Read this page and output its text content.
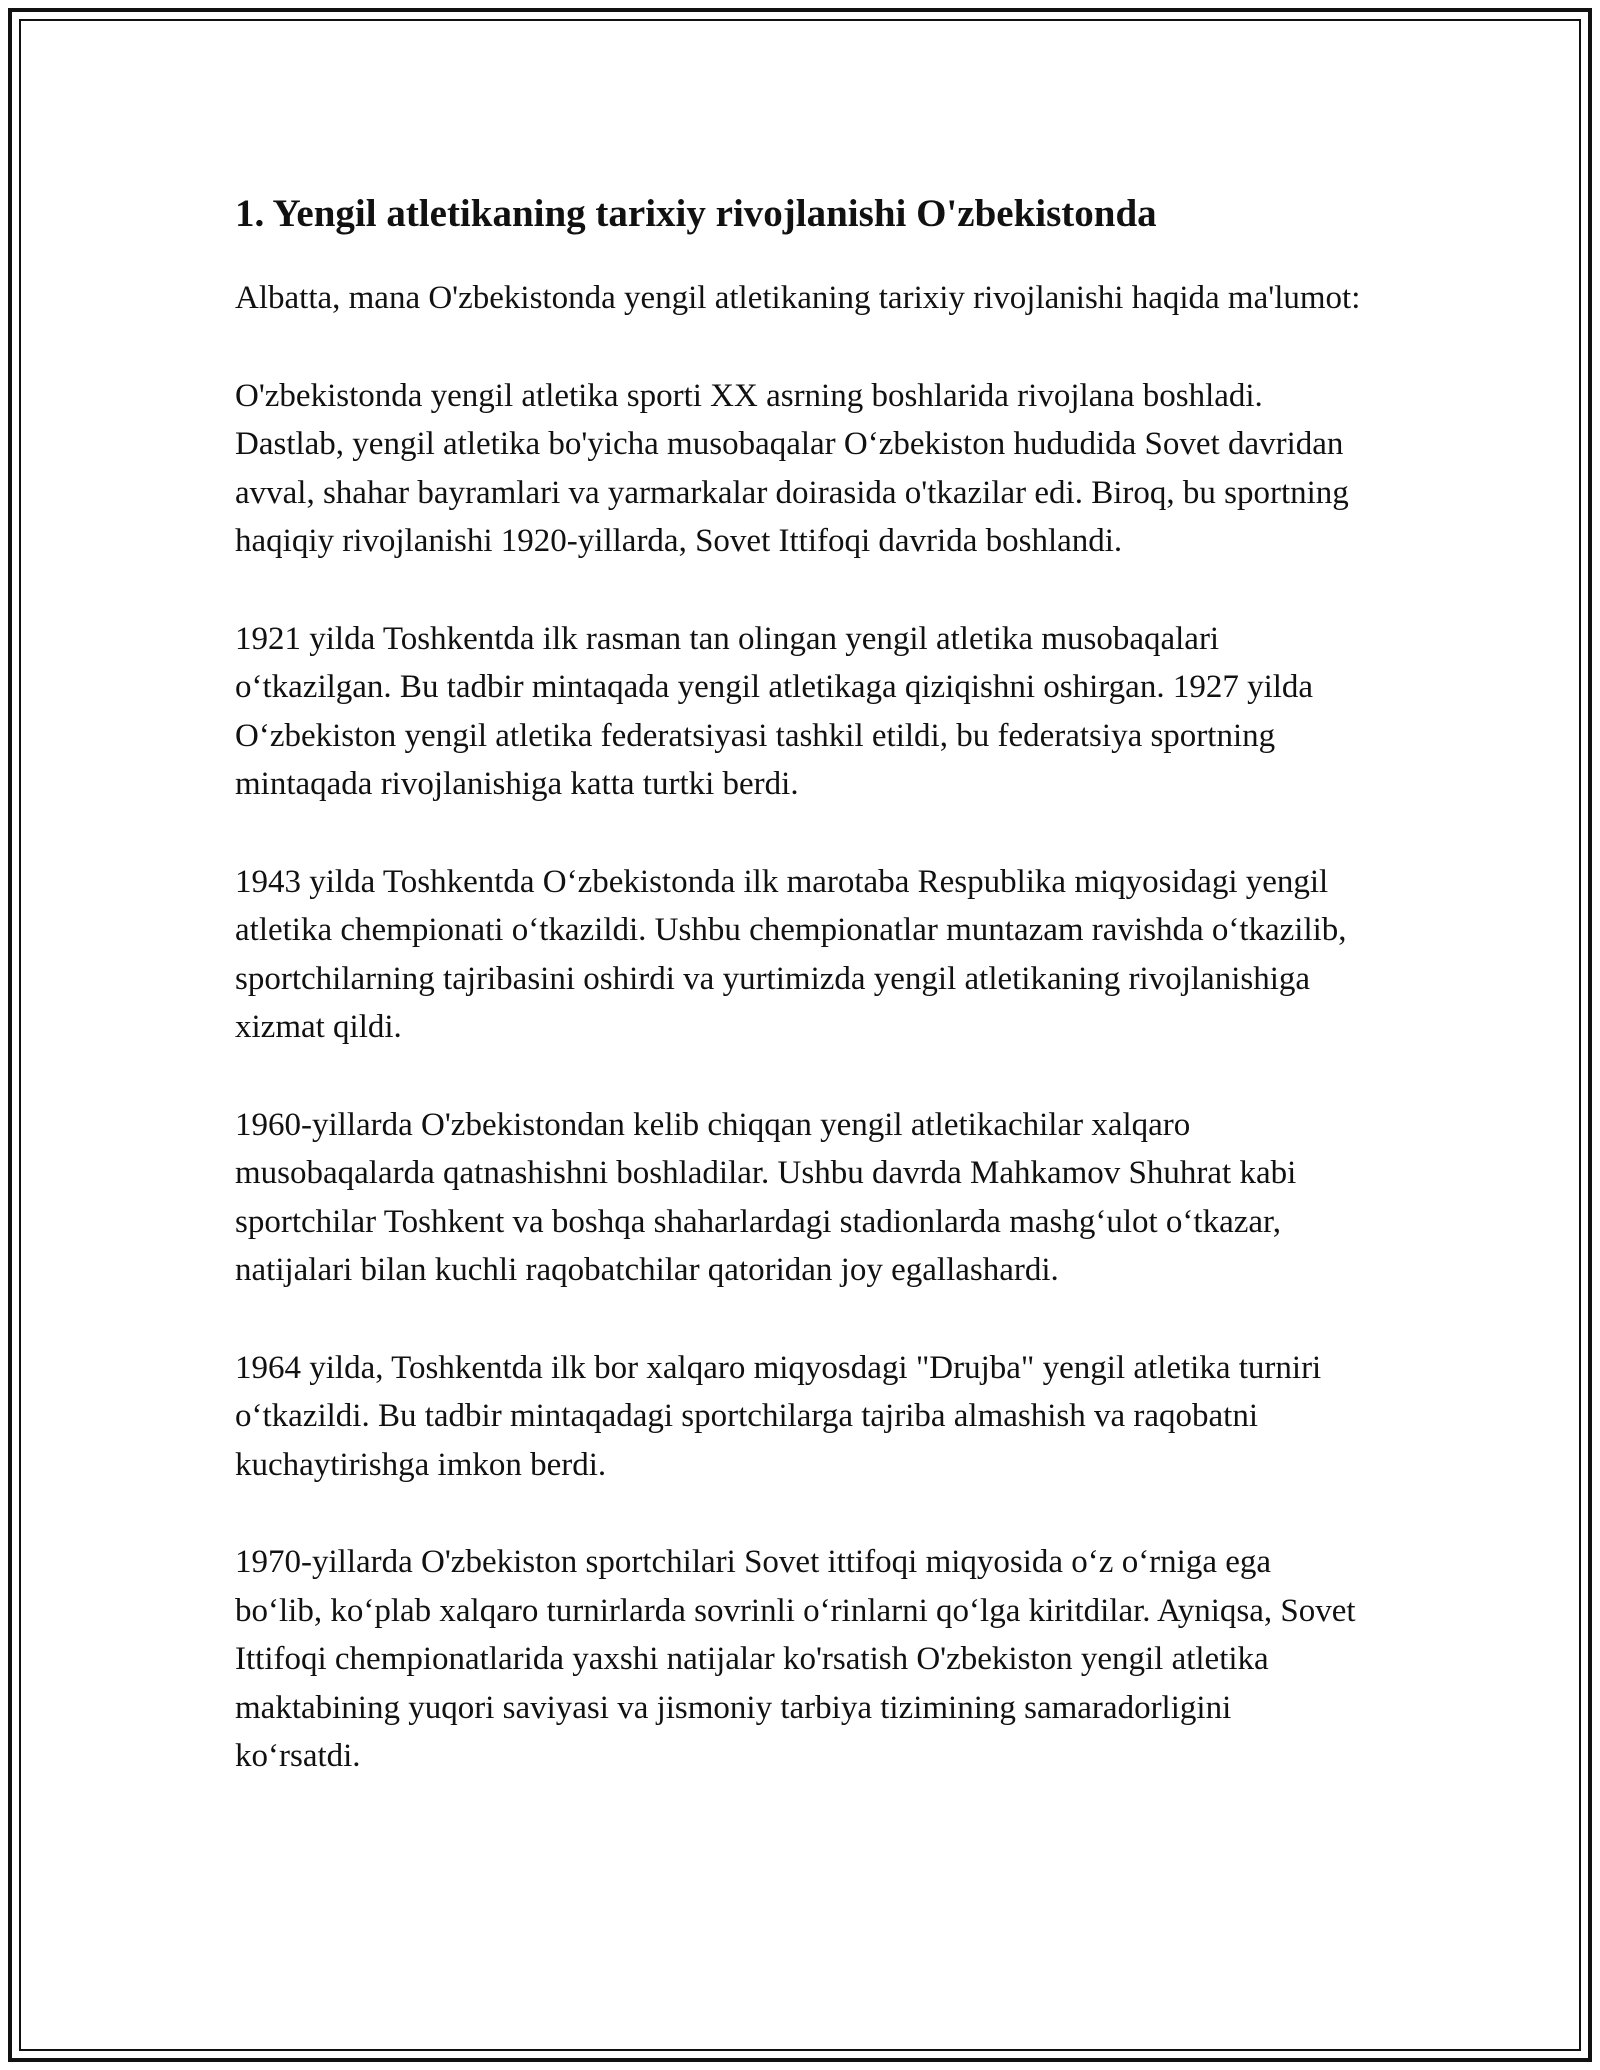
1. Yengil atletikaning tarixiy rivojlanishi O'zbekistonda

Albatta, mana O'zbekistonda yengil atletikaning tarixiy rivojlanishi haqida ma'lumot:

O'zbekistonda yengil atletika sporti XX asrning boshlarida rivojlana boshladi. Dastlab, yengil atletika bo'yicha musobaqalar O‘zbekiston hududida Sovet davridan avval, shahar bayramlari va yarmarkalar doirasida o'tkazilar edi. Biroq, bu sportning haqiqiy rivojlanishi 1920-yillarda, Sovet Ittifoqi davrida boshlandi.

1921 yilda Toshkentda ilk rasman tan olingan yengil atletika musobaqalari o‘tkazilgan. Bu tadbir mintaqada yengil atletikaga qiziqishni oshirgan. 1927 yilda O‘zbekiston yengil atletika federatsiyasi tashkil etildi, bu federatsiya sportning mintaqada rivojlanishiga katta turtki berdi.

1943 yilda Toshkentda O‘zbekistonda ilk marotaba Respublika miqyosidagi yengil atletika chempionati o‘tkazildi. Ushbu chempionatlar muntazam ravishda o‘tkazilib, sportchilarning tajribasini oshirdi va yurtimizda yengil atletikaning rivojlanishiga xizmat qildi.

1960-yillarda O'zbekistondan kelib chiqqan yengil atletikachilar xalqaro musobaqalarda qatnashishni boshladilar. Ushbu davrda Mahkamov Shuhrat kabi sportchilar Toshkent va boshqa shaharlardagi stadionlarda mashg‘ulot o‘tkazar, natijalari bilan kuchli raqobatchilar qatoridan joy egallashardi.

1964 yilda, Toshkentda ilk bor xalqaro miqyosdagi "Drujba" yengil atletika turniri o‘tkazildi. Bu tadbir mintaqadagi sportchilarga tajriba almashish va raqobatni kuchaytirishga imkon berdi.

1970-yillarda O'zbekiston sportchilari Sovet ittifoqi miqyosida o‘z o‘rniga ega bo‘lib, ko‘plab xalqaro turnirlarda sovrinli o‘rinlarni qo‘lga kiritdilar. Ayniqsa, Sovet Ittifoqi chempionatlarida yaxshi natijalar ko'rsatish O'zbekiston yengil atletika maktabining yuqori saviyasi va jismoniy tarbiya tizimining samaradorligini ko‘rsatdi.
